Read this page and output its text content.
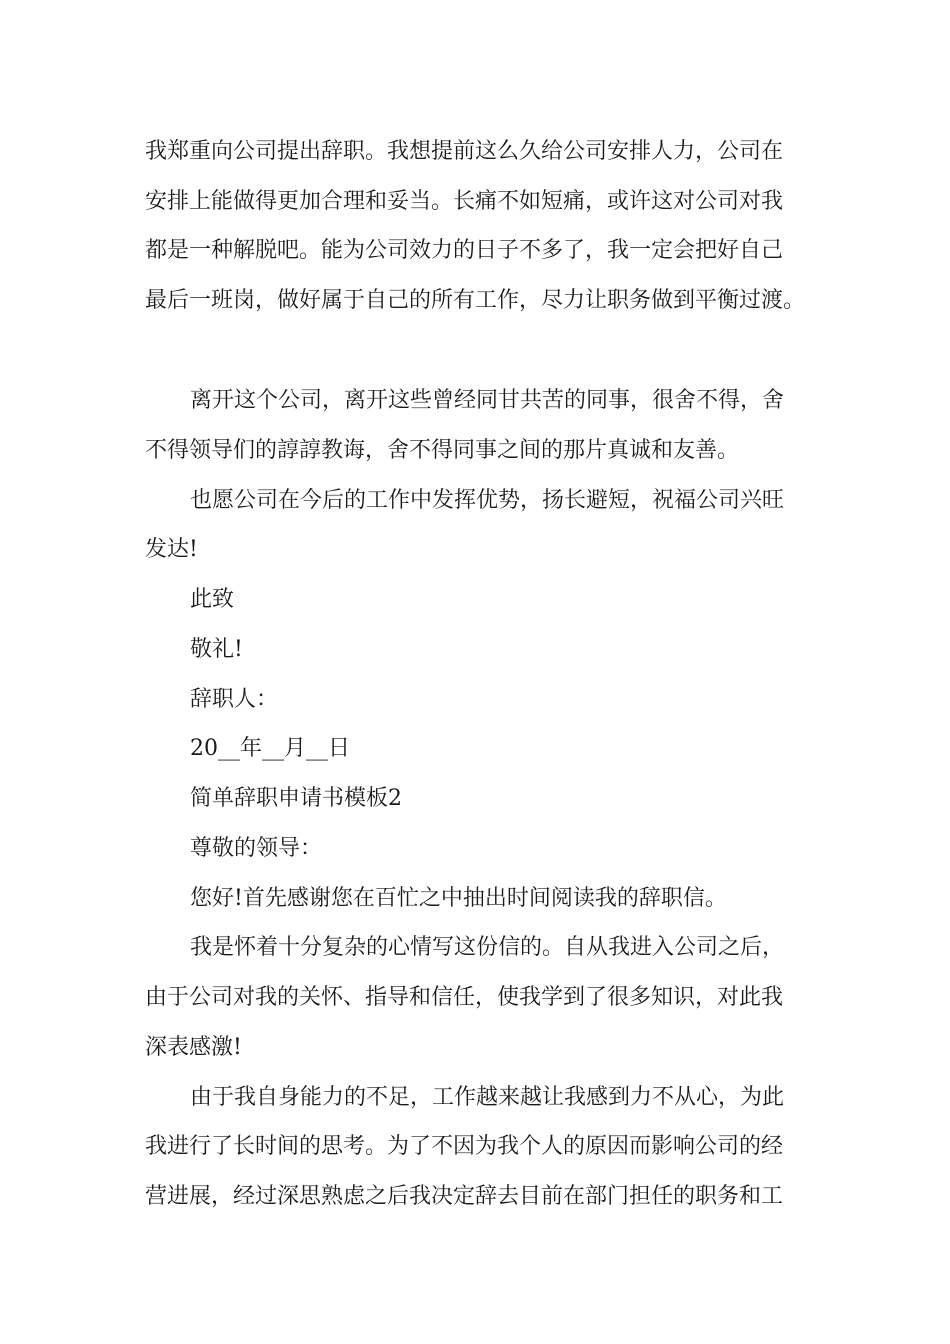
我郑重向公司提出辞职。我想提前这么久给公司安排人力，公司在
安排上能做得更加合理和妥当。长痛不如短痛，或许这对公司对我
都是一种解脱吧。能为公司效力的日子不多了，我一定会把好自己
最后一班岗，做好属于自己的所有工作，尽力让职务做到平衡过渡。
离开这个公司，离开这些曾经同甘共苦的同事，很舍不得，舍
不得领导们的諄諄教诲，舍不得同事之间的那片真诚和友善。
也愿公司在今后的工作中发挥优势，扬长避短，祝福公司兴旺
发达!
此致
敬礼!
辞职人：
20__年__月__日
简单辞职申请书模板2
尊敬的领导：
您好!首先感谢您在百忙之中抽出时间阅读我的辞职信。
我是怀着十分复杂的心情写这份信的。自从我进入公司之后，
由于公司对我的关怀、指导和信任，使我学到了很多知识，对此我
深表感激!
由于我自身能力的不足，工作越来越让我感到力不从心，为此
我进行了长时间的思考。为了不因为我个人的原因而影响公司的经
营进展，经过深思熟虑之后我决定辞去目前在部门担任的职务和工
